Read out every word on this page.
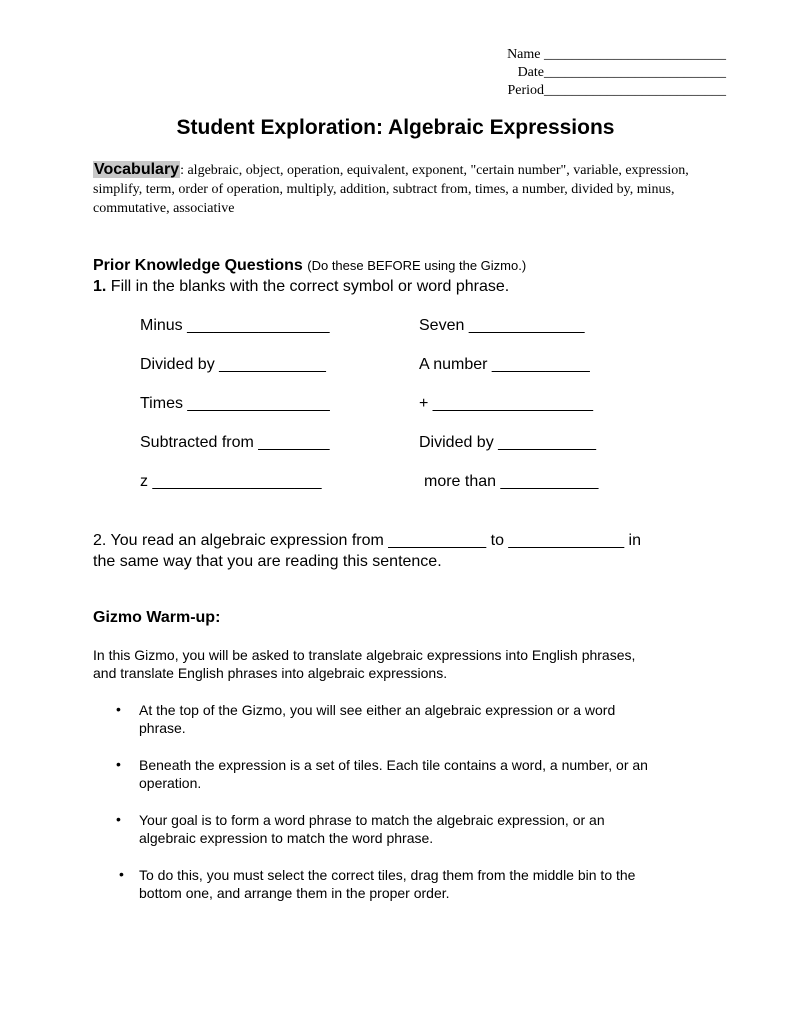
Name __________________________
Date__________________________
Period__________________________
Student Exploration: Algebraic Expressions
Vocabulary: algebraic, object, operation, equivalent, exponent, "certain number", variable, expression, simplify, term, order of operation, multiply, addition, subtract from, times, a number, divided by, minus, commutative, associative
Prior Knowledge Questions (Do these BEFORE using the Gizmo.)
1. Fill in the blanks with the correct symbol or word phrase.
Minus ________________
Divided by ____________
Times ________________
Subtracted from ________
z ___________________
Seven _____________
A number ___________
+ __________________
Divided by ___________
more than ___________
2. You read an algebraic expression from ___________ to _____________ in
the same way that you are reading this sentence.
Gizmo Warm-up:
In this Gizmo, you will be asked to translate algebraic expressions into English phrases, and translate English phrases into algebraic expressions.
• At the top of the Gizmo, you will see either an algebraic expression or a word phrase.
• Beneath the expression is a set of tiles. Each tile contains a word, a number, or an operation.
• Your goal is to form a word phrase to match the algebraic expression, or an algebraic expression to match the word phrase.
• To do this, you must select the correct tiles, drag them from the middle bin to the bottom one, and arrange them in the proper order.
